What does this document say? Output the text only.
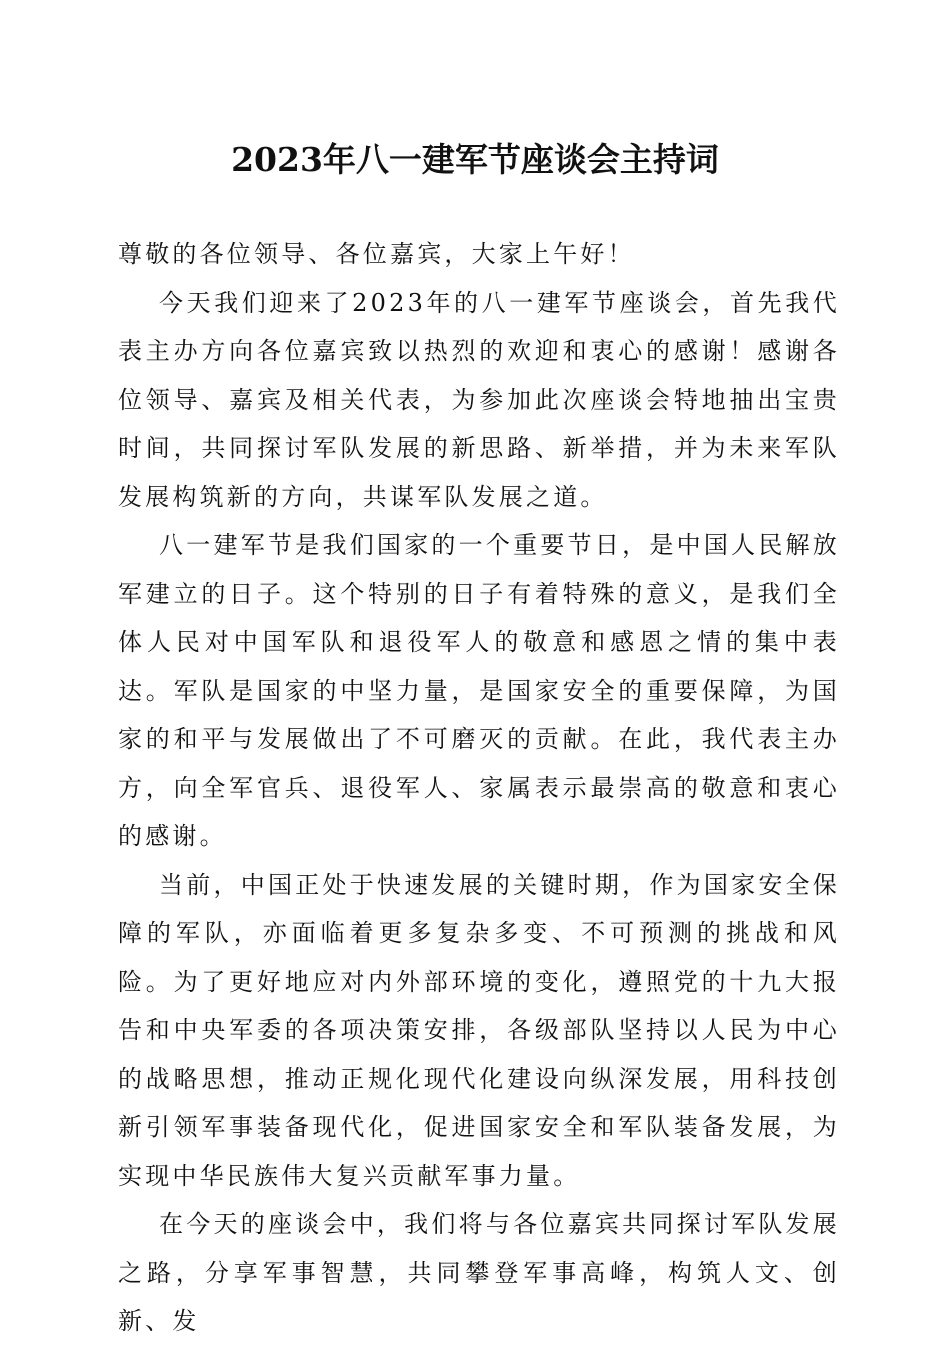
2023年八一建军节座谈会主持词

尊敬的各位领导、各位嘉宾，大家上午好！

今天我们迎来了2023年的八一建军节座谈会，首先我代表主办方向各位嘉宾致以热烈的欢迎和衷心的感谢！感谢各位领导、嘉宾及相关代表，为参加此次座谈会特地抽出宝贵时间，共同探讨军队发展的新思路、新举措，并为未来军队发展构筑新的方向，共谋军队发展之道。

八一建军节是我们国家的一个重要节日，是中国人民解放军建立的日子。这个特别的日子有着特殊的意义，是我们全体人民对中国军队和退役军人的敬意和感恩之情的集中表达。军队是国家的中坚力量，是国家安全的重要保障，为国家的和平与发展做出了不可磨灭的贡献。在此，我代表主办方，向全军官兵、退役军人、家属表示最崇高的敬意和衷心的感谢。

当前，中国正处于快速发展的关键时期，作为国家安全保障的军队，亦面临着更多复杂多变、不可预测的挑战和风险。为了更好地应对内外部环境的变化，遵照党的十九大报告和中央军委的各项决策安排，各级部队坚持以人民为中心的战略思想，推动正规化现代化建设向纵深发展，用科技创新引领军事装备现代化，促进国家安全和军队装备发展，为实现中华民族伟大复兴贡献军事力量。

在今天的座谈会中，我们将与各位嘉宾共同探讨军队发展之路，分享军事智慧，共同攀登军事高峰，构筑人文、创新、发
